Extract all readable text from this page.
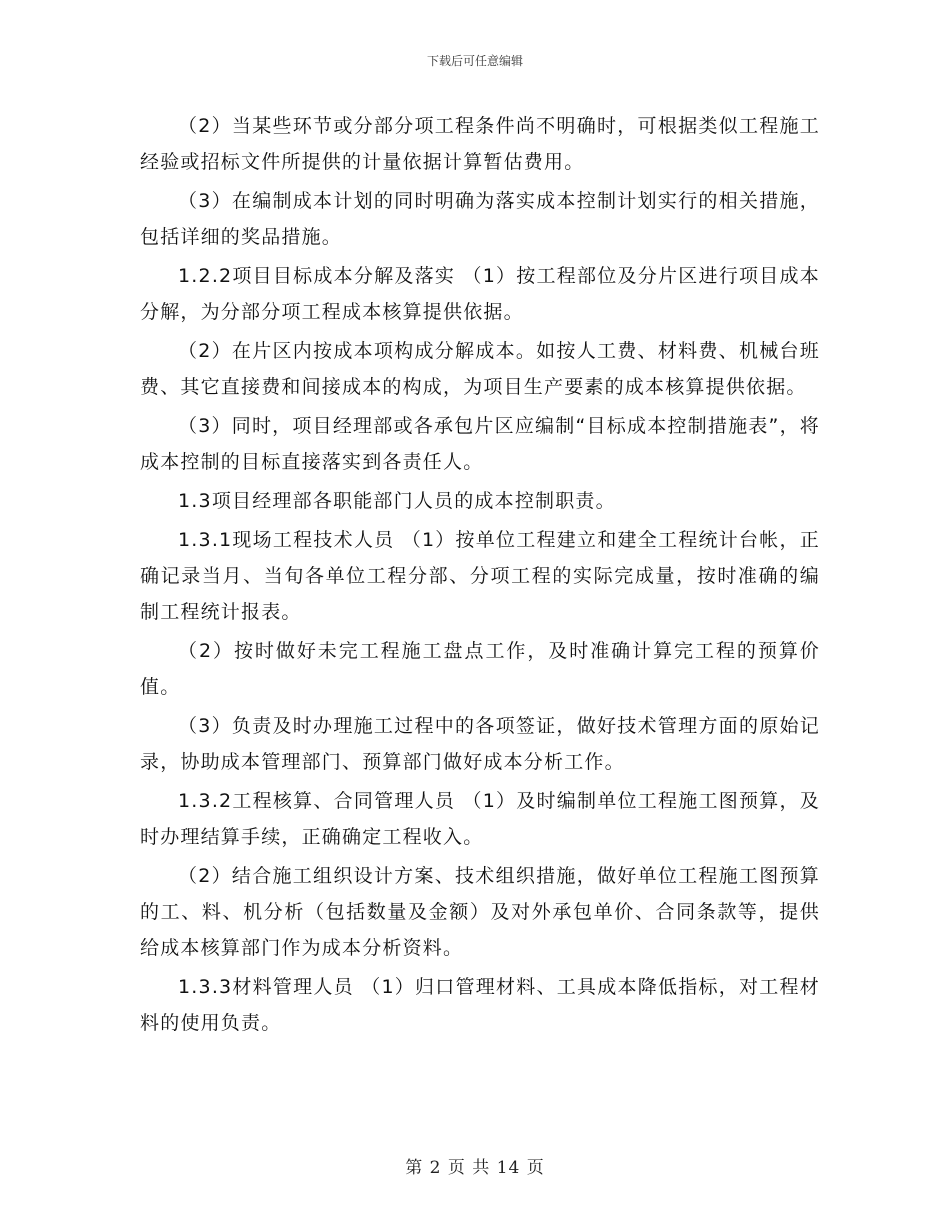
下载后可任意编辑

（2）当某些环节或分部分项工程条件尚不明确时，可根据类似工程施工经验或招标文件所提供的计量依据计算暂估费用。

（3）在编制成本计划的同时明确为落实成本控制计划实行的相关措施，包括详细的奖品措施。

1.2.2项目目标成本分解及落实 （1）按工程部位及分片区进行项目成本分解，为分部分项工程成本核算提供依据。

（2）在片区内按成本项构成分解成本。如按人工费、材料费、机械台班费、其它直接费和间接成本的构成，为项目生产要素的成本核算提供依据。

（3）同时，项目经理部或各承包片区应编制“目标成本控制措施表”，将成本控制的目标直接落实到各责任人。

1.3项目经理部各职能部门人员的成本控制职责。

1.3.1现场工程技术人员 （1）按单位工程建立和建全工程统计台帐，正确记录当月、当旬各单位工程分部、分项工程的实际完成量，按时准确的编制工程统计报表。

（2）按时做好未完工程施工盘点工作，及时准确计算完工程的预算价值。

（3）负责及时办理施工过程中的各项签证，做好技术管理方面的原始记录，协助成本管理部门、预算部门做好成本分析工作。

1.3.2工程核算、合同管理人员 （1）及时编制单位工程施工图预算，及时办理结算手续，正确确定工程收入。

（2）结合施工组织设计方案、技术组织措施，做好单位工程施工图预算的工、料、机分析（包括数量及金额）及对外承包单价、合同条款等，提供给成本核算部门作为成本分析资料。

1.3.3材料管理人员 （1）归口管理材料、工具成本降低指标，对工程材料的使用负责。

第 2 页 共 14 页
